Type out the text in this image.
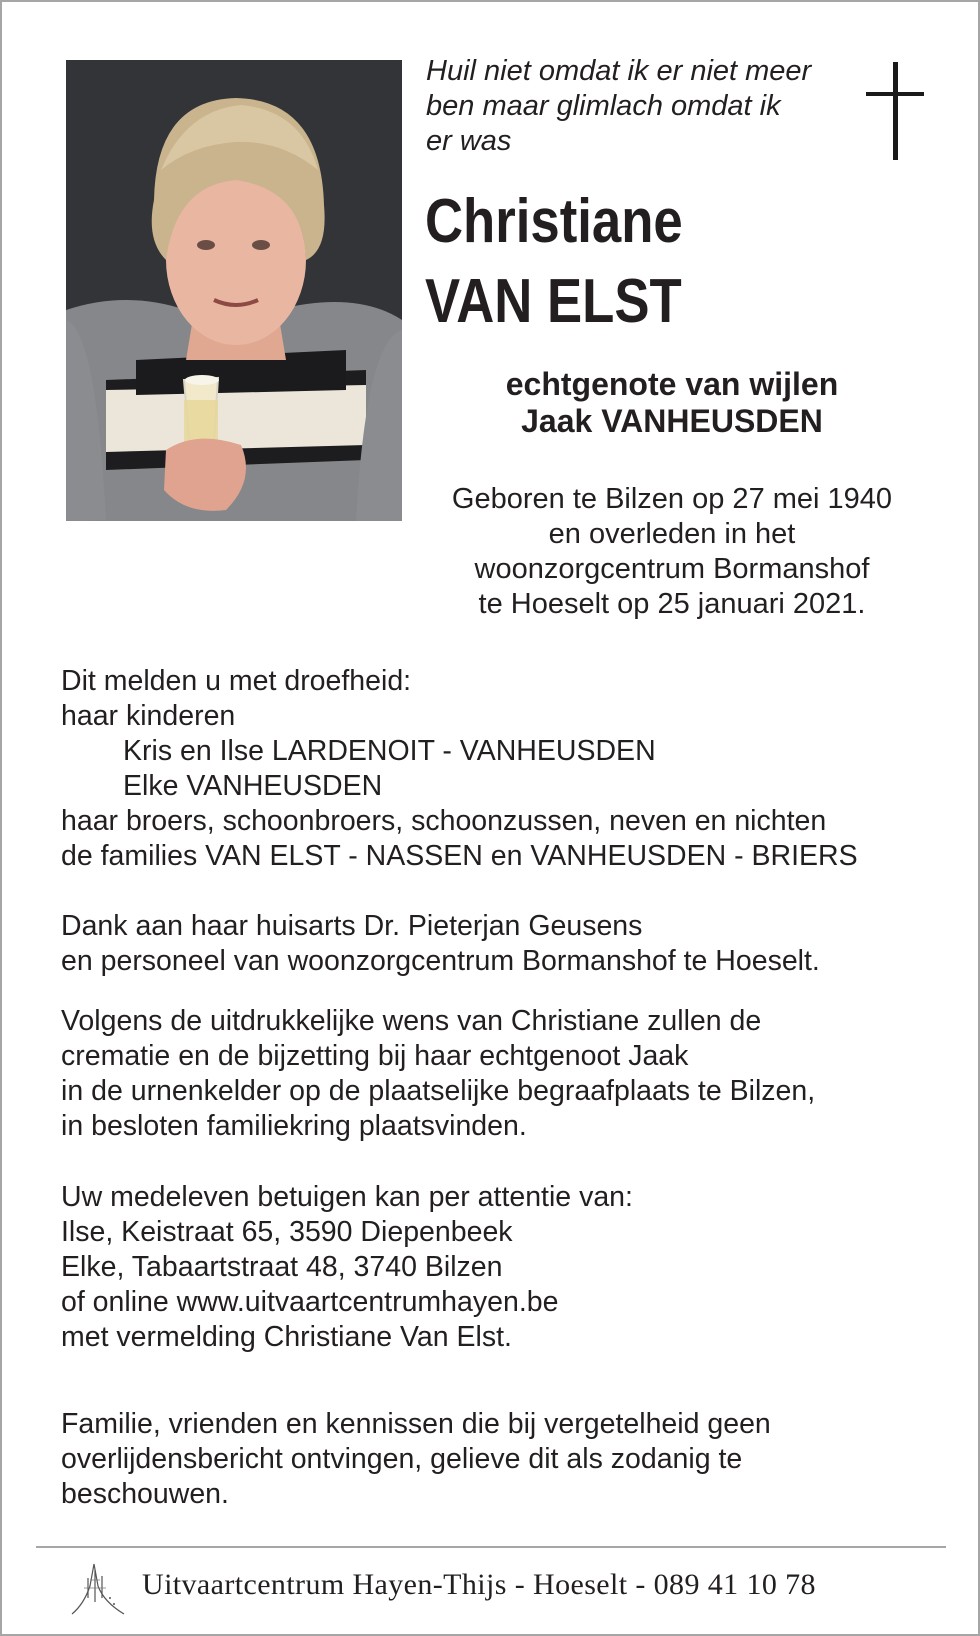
Huil niet omdat ik er niet meer
ben maar glimlach omdat ik
er was
Christiane
VAN ELST
echtgenote van wijlen
Jaak VANHEUSDEN
Geboren te Bilzen op 27 mei 1940
en overleden in het
woonzorgcentrum Bormanshof
te Hoeselt op 25 januari 2021.
Dit melden u met droefheid:
haar kinderen
Kris en Ilse LARDENOIT - VANHEUSDEN
Elke VANHEUSDEN
haar broers, schoonbroers, schoonzussen, neven en nichten
de families VAN ELST - NASSEN en VANHEUSDEN - BRIERS
Dank aan haar huisarts Dr. Pieterjan Geusens
en personeel van woonzorgcentrum Bormanshof te Hoeselt.
Volgens de uitdrukkelijke wens van Christiane zullen de
crematie en de bijzetting bij haar echtgenoot Jaak
in de urnenkelder op de plaatselijke begraafplaats te Bilzen,
in besloten familiekring plaatsvinden.
Uw medeleven betuigen kan per attentie van:
Ilse, Keistraat 65, 3590 Diepenbeek
Elke, Tabaartstraat 48, 3740 Bilzen
of online www.uitvaartcentrumhayen.be
met vermelding Christiane Van Elst.
Familie, vrienden en kennissen die bij vergetelheid geen
overlijdensbericht ontvingen, gelieve dit als zodanig te
beschouwen.
Uitvaartcentrum Hayen-Thijs - Hoeselt - 089 41 10 78
